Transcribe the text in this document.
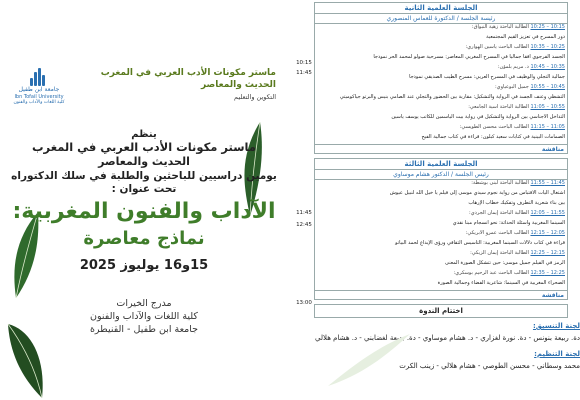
جامعة ابن طفيل
Ibn Tofail University
كلية اللغات والآداب والفنون
ماستر مكونات الأدب العربي في المغرب
الحديث والمعاصر
التكوين والتعليم
ينظم
ماستر مكونات الأدب العربي في المغرب
الحديث والمعاصر
يومين دراسيين للباحثين والطلبة في سلك الدكتوراه
تحت عنوان :
الآداب والفنون المغربية:
نماذج معاصرة
15و16 يوليوز 2025
مدرج الخيرات
كلية اللغات والآداب والفنون
جامعة ابن طفيل - القنيطرة
10:15
11:45
الجلسة العلمية الثانية
رئيسة الجلسة / الدكتورة للعماس المنصوري
10:15 – 10:25 الطالبة الباحثة زهية النبواق:
دور المسرح في تعزيز القيم المجتمعية
10:25 – 10:35 الطالب الباحث ياسين الهواري:
الجسد الفرجوي أفقاً جمالياً في المسرح المغربي المعاصر: مسرحية صولو لمحمد الحر نموذجاً
10:35 – 10:45 د. مريم بلمؤن:
جمالية التجلي والوظيف في المسرح العربي: مسرح الطيب الصديقي نموذجاً
10:45 – 10:55 جميل البوعياوي:
التشظي وعنف الجسد في الرواية والتشكيل: مقاربة بين الحضور والتجلي عند الصامي بنيس والبرتو جياكوميتي
10:55 – 11:05 الطالبة الباحثة أسية الجامعي:
التداخل الأجناسي بين الرواية والتشكيل في رواية بيت الياسمين للكاتب يوسف ياسين
11:05 – 11:15 الطالب الباحث محسن الطويسي:
الصمامات البينية في كتابات سعيد كبلون: قراءة في كتاب جمالية الفيح
مناقشة
11:45
12:45
الجلسة العلمية الثالثة
رئيس الجلسة / الدكتور هشام موساوي
11:45 – 11:55 الطالبة الباحثة لبنى بوشطة:
اشتغال آليات الاقتباس من رواية نجوم سيدي موسى إلى فيلم يا خيل الله لنبيل عيوش
بين بناء شعرية التطرف وتفكيك خطاب الإرهاب
11:55 – 12:05 الطالبة الباحثة إيمان الجردي:
السينما المغربية وأسئلة الحداثة: نحو انسجام مبنا نقدي
12:05 – 12:15 الطالب الباحث عمرو الأبريكي:
قراءة في كتاب دلالات السينما المغربية: التأسيس الثقافي ورؤى الإبداع لحمد البياتو
12:15 – 12:25 الطالبة الباحثة إيمان الزيكي:
الرمز في الفيلم جميل موسى: حين تتشكل الصورة المعنى
12:25 – 12:35 الطالب الباحث عبد الرحيم بوسكري:
الصحراء المغربية في السينما: شاعرية الفضاء وجمالية الصورة
مناقشة
13:00
اختتام الندوة
لجنة التنسيق:
دة. ربيعة بنونس - دة. نورة لغزاري - د. هشام موساوي - دة. بديعة لغضابني - د. هشام هلالي
لجنة التنظيم:
محمد وسطاني - محسن الطوصي - هشام هلالي - زينب الكرت
